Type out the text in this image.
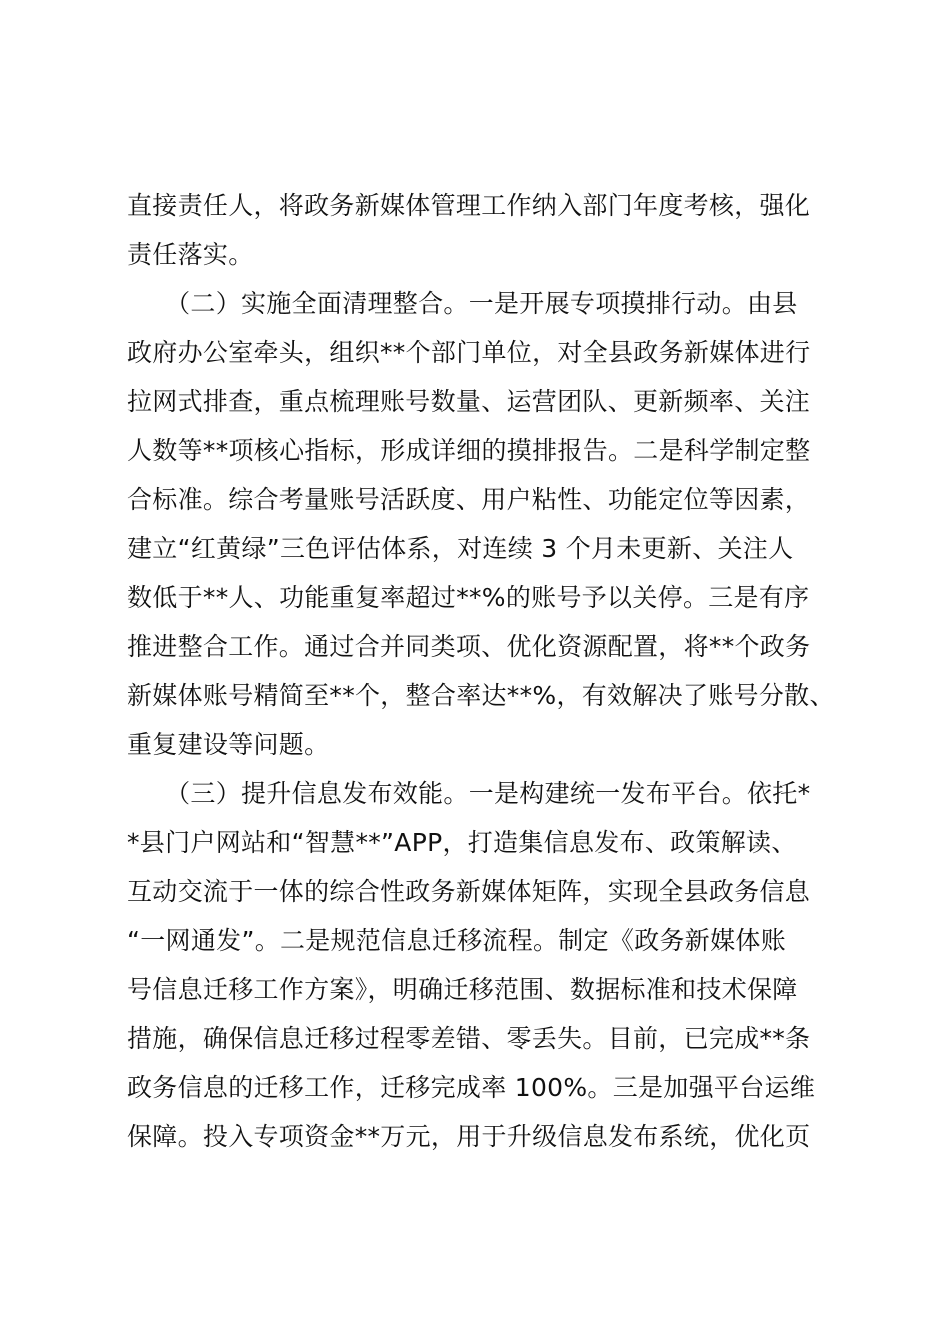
直接责任人，将政务新媒体管理工作纳入部门年度考核，强化
责任落实。
　　（二）实施全面清理整合。一是开展专项摸排行动。由县
政府办公室牵头，组织**个部门单位，对全县政务新媒体进行
拉网式排查，重点梳理账号数量、运营团队、更新频率、关注
人数等**项核心指标，形成详细的摸排报告。二是科学制定整
合标准。综合考量账号活跃度、用户粘性、功能定位等因素，
建立“红黄绿”三色评估体系，对连续 3 个月未更新、关注人
数低于**人、功能重复率超过**%的账号予以关停。三是有序
推进整合工作。通过合并同类项、优化资源配置，将**个政务
新媒体账号精简至**个，整合率达**%，有效解决了账号分散、
重复建设等问题。
　　（三）提升信息发布效能。一是构建统一发布平台。依托*
*县门户网站和“智慧**”APP，打造集信息发布、政策解读、
互动交流于一体的综合性政务新媒体矩阵，实现全县政务信息
“一网通发”。二是规范信息迁移流程。制定《政务新媒体账
号信息迁移工作方案》，明确迁移范围、数据标准和技术保障
措施，确保信息迁移过程零差错、零丢失。目前，已完成**条
政务信息的迁移工作，迁移完成率 100%。三是加强平台运维
保障。投入专项资金**万元，用于升级信息发布系统，优化页
